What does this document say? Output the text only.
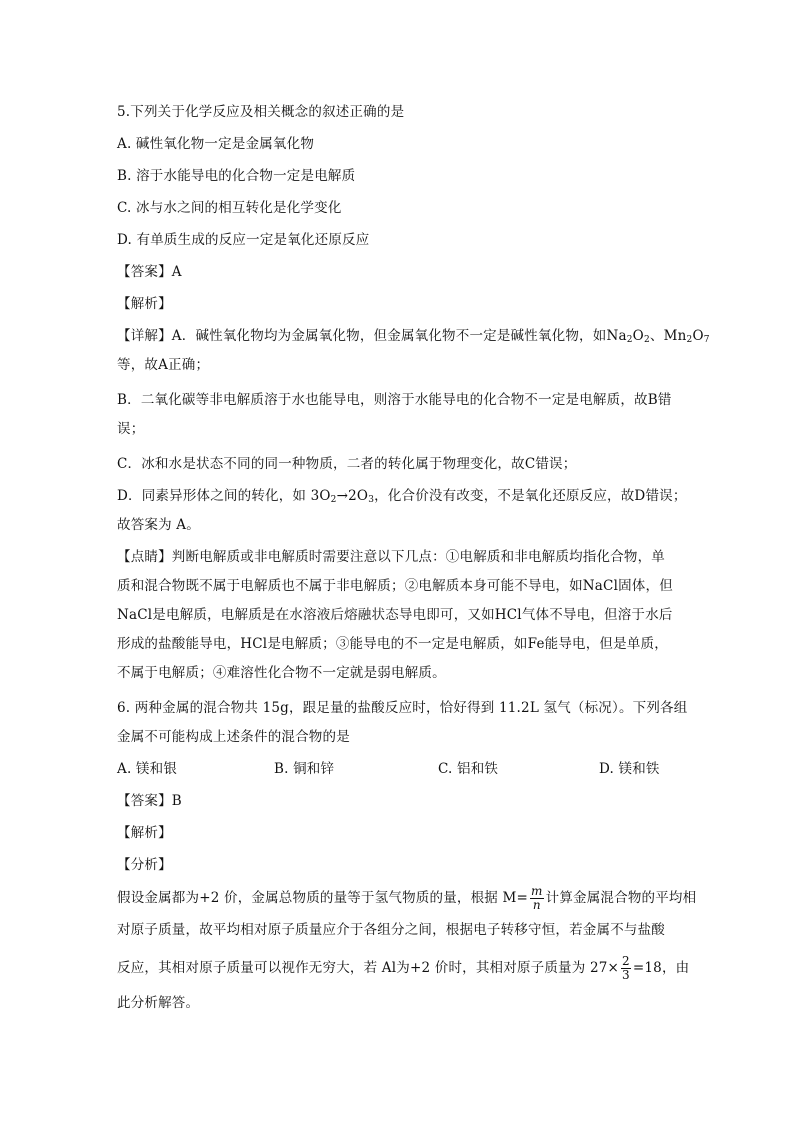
5.下列关于化学反应及相关概念的叙述正确的是
A. 碱性氧化物一定是金属氧化物
B. 溶于水能导电的化合物一定是电解质
C. 冰与水之间的相互转化是化学变化
D. 有单质生成的反应一定是氧化还原反应
【答案】A
【解析】
【详解】A．碱性氧化物均为金属氧化物，但金属氧化物不一定是碱性氧化物，如$Na_2O_2$、$Mn_2O_7$
等，故A正确；
B．二氧化碳等非电解质溶于水也能导电，则溶于水能导电的化合物不一定是电解质，故B错
误；
C．冰和水是状态不同的同一种物质，二者的转化属于物理变化，故C错误；
D．同素异形体之间的转化，如 $3O_2\to 2O_3$，化合价没有改变，不是氧化还原反应，故D错误；
故答案为 A。
【点睛】判断电解质或非电解质时需要注意以下几点：①电解质和非电解质均指化合物，单
质和混合物既不属于电解质也不属于非电解质；②电解质本身可能不导电，如NaCl固体，但
NaCl是电解质，电解质是在水溶液后熔融状态导电即可，又如HCl气体不导电，但溶于水后
形成的盐酸能导电，HCl是电解质；③能导电的不一定是电解质，如Fe能导电，但是单质，
不属于电解质；④难溶性化合物不一定就是弱电解质。
6. 两种金属的混合物共 15g，跟足量的盐酸反应时，恰好得到 11.2L 氢气（标况）。下列各组
金属不可能构成上述条件的混合物的是
A. 镁和银	B. 铜和锌	C. 铝和铁	D. 镁和铁
【答案】B
【解析】
【分析】
假设金属都为+2 价，金属总物质的量等于氢气物质的量，根据 $M= \frac{m}{n}$ 计算金属混合物的平均相
对原子质量，故平均相对原子质量应介于各组分之间，根据电子转移守恒，若金属不与盐酸
反应，其相对原子质量可以视作无穷大，若 Al为+2 价时，其相对原子质量为 $27\times \frac{2}{3} =18$，由
此分析解答。
